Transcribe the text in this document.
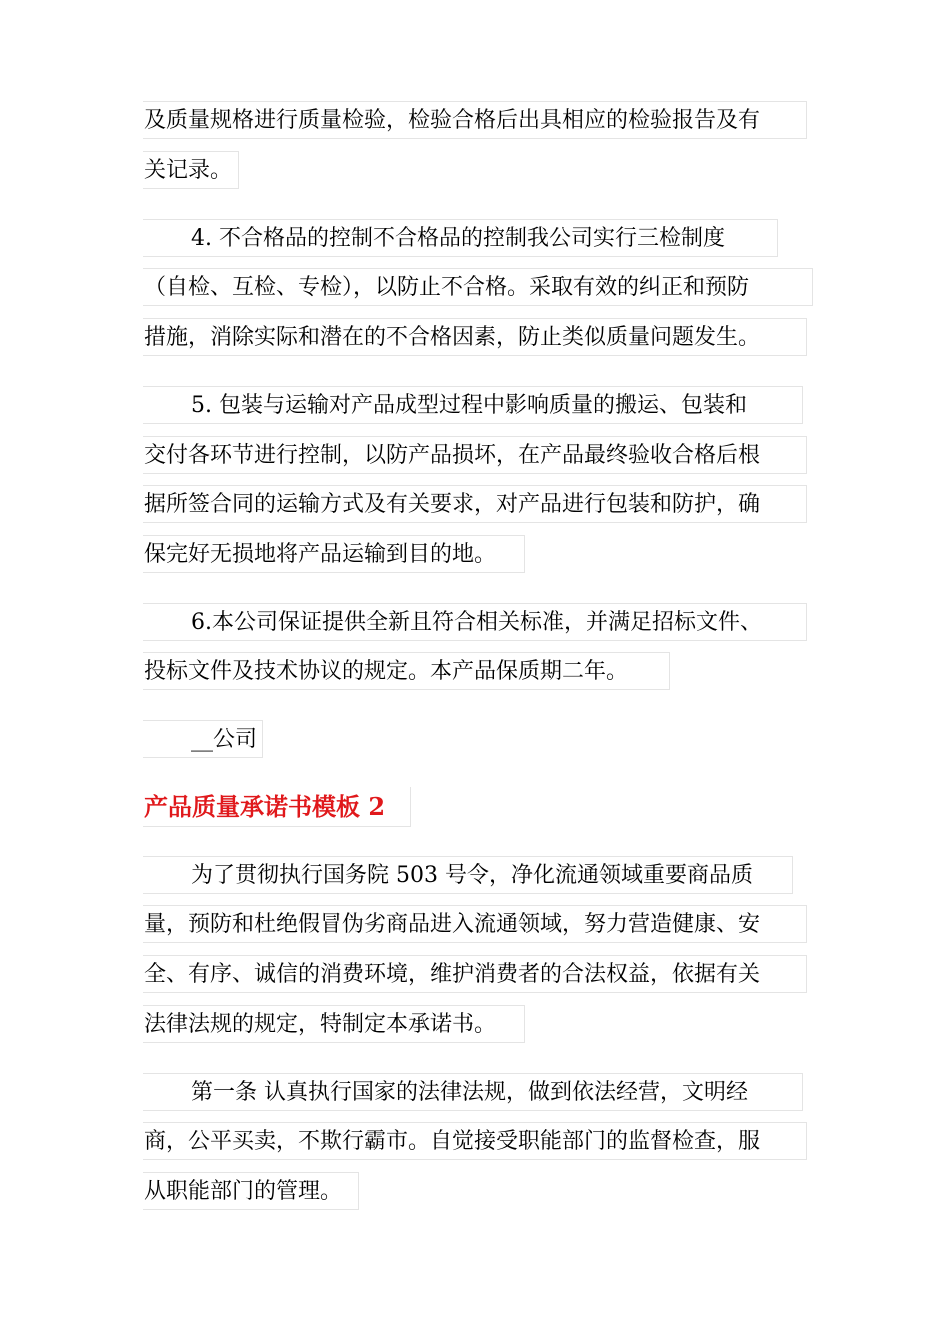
及质量规格进行质量检验，检验合格后出具相应的检验报告及有
关记录。
4. 不合格品的控制不合格品的控制我公司实行三检制度
（自检、互检、专检），以防止不合格。采取有效的纠正和预防
措施，消除实际和潜在的不合格因素，防止类似质量问题发生。
5. 包装与运输对产品成型过程中影响质量的搬运、包装和
交付各环节进行控制，以防产品损坏，在产品最终验收合格后根
据所签合同的运输方式及有关要求，对产品进行包装和防护，确
保完好无损地将产品运输到目的地。
6.本公司保证提供全新且符合相关标准，并满足招标文件、
投标文件及技术协议的规定。本产品保质期二年。
__公司
产品质量承诺书模板 2
为了贯彻执行国务院 503 号令，净化流通领域重要商品质
量，预防和杜绝假冒伪劣商品进入流通领域，努力营造健康、安
全、有序、诚信的消费环境，维护消费者的合法权益，依据有关
法律法规的规定，特制定本承诺书。
第一条 认真执行国家的法律法规，做到依法经营，文明经
商，公平买卖，不欺行霸市。自觉接受职能部门的监督检查，服
从职能部门的管理。
